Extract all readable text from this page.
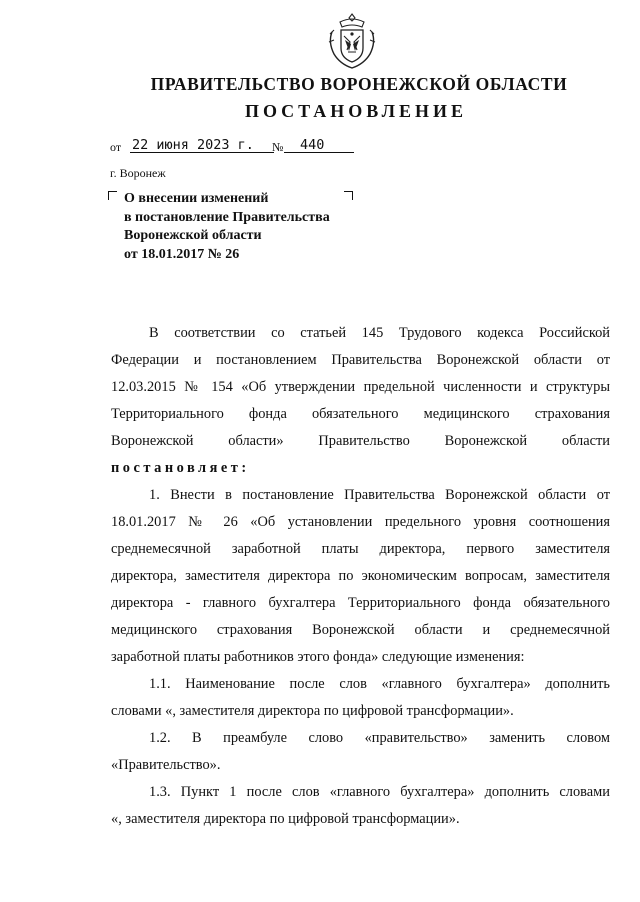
ПРАВИТЕЛЬСТВО ВОРОНЕЖСКОЙ ОБЛАСТИ
ПОСТАНОВЛЕНИЕ
от 22 июня 2023 г.	№	440
г. Воронеж
О внесении изменений
в постановление Правительства
Воронежской области
от 18.01.2017 № 26
В соответствии со статьей 145 Трудового кодекса Российской
Федерации и постановлением Правительства Воронежской области от
12.03.2015 № 154 «Об утверждении предельной численности и структуры
Территориального фонда обязательного медицинского страхования
Воронежской области» Правительство Воронежской области
постановляет:
1. Внести в постановление Правительства Воронежской области от
18.01.2017 № 26 «Об установлении предельного уровня соотношения
среднемесячной заработной платы директора, первого заместителя
директора, заместителя директора по экономическим вопросам, заместителя
директора - главного бухгалтера Территориального фонда обязательного
медицинского страхования Воронежской области и среднемесячной
заработной платы работников этого фонда» следующие изменения:
1.1. Наименование после слов «главного бухгалтера» дополнить
словами «, заместителя директора по цифровой трансформации».
1.2. В преамбуле слово «правительство» заменить словом
«Правительство».
1.3. Пункт 1 после слов «главного бухгалтера» дополнить словами
«, заместителя директора по цифровой трансформации».
